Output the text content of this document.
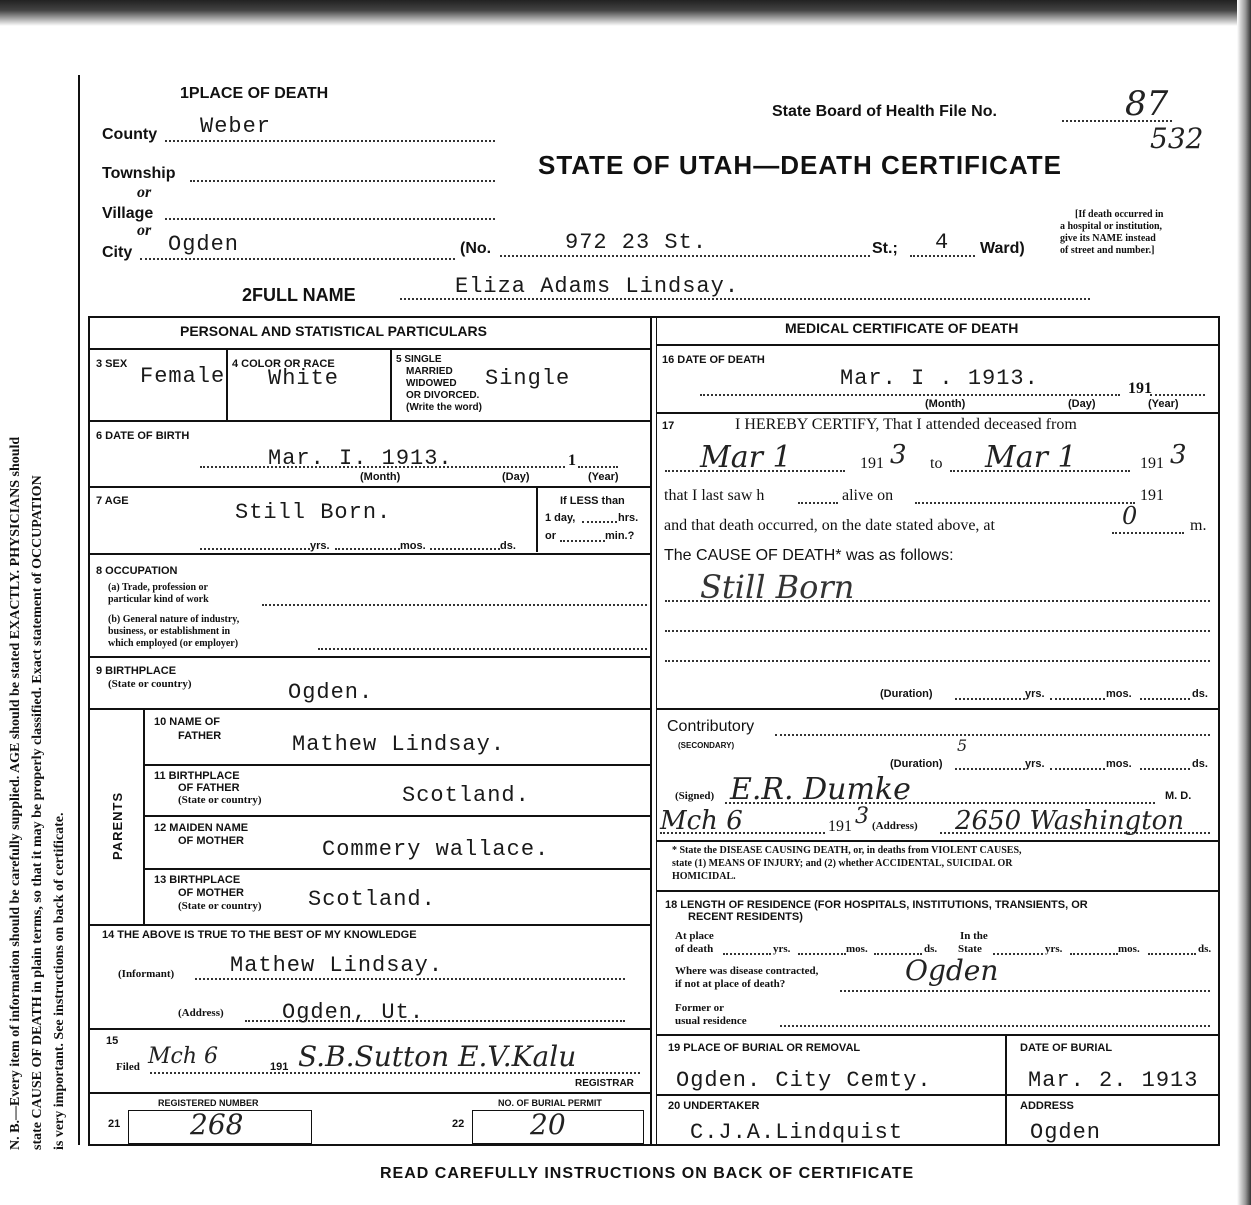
N. B.—Every item of information should be carefully supplied. AGE should be stated EXACTLY. PHYSICIANS should state CAUSE OF DEATH in plain terms, so that it may be properly classified. Exact statement of OCCUPATION is very important. See instructions on back of certificate.
1PLACE OF DEATH
County Weber
Township
or
Village
or
City Ogden	(No.	972 23 St.	St.; 4 Ward)
State Board of Health File No.	87
532
STATE OF UTAH—DEATH CERTIFICATE
[If death occurred in
a hospital or institution,
give its NAME instead
of street and number.]
2FULL NAME	Eliza Adams Lindsay.
PERSONAL AND STATISTICAL PARTICULARS
3 SEX Female 4 COLOR OR RACE
White
5 SINGLE
MARRIED
WIDOWED
OR DIVORCED.
(Write the word)
Single
6 DATE OF BIRTH
Mar. I. 1913.	1
(Month)	(Day)	(Year)
7 AGE	Still Born.
yrs.	mos.	ds.
If LESS than
1 day,	hrs.
or	min.?
8 OCCUPATION
(a) Trade, profession or
particular kind of work
(b) General nature of industry,
business, or establishment in
which employed (or employer)
9 BIRTHPLACE
(State or country)	Ogden.
PARENTS
10 NAME OF
FATHER	Mathew Lindsay.
11 BIRTHPLACE
OF FATHER
(State or country)	Scotland.
12 MAIDEN NAME
OF MOTHER	Commery wallace.
13 BIRTHPLACE
OF MOTHER
(State or country) Scotland.
14 THE ABOVE IS TRUE TO THE BEST OF MY KNOWLEDGE
(Informant)	Mathew Lindsay.
(Address)	Ogden, Ut.
15
Filed Mch 6	191 S.B.Sutton E.V.Kalu
REGISTRAR
REGISTERED NUMBER
21 268
NO. OF BURIAL PERMIT
22 20
MEDICAL CERTIFICATE OF DEATH
16 DATE OF DEATH
Mar. I . 1913.	191
(Month)	(Day)	(Year)
17	I HEREBY CERTIFY, That I attended deceased from
Mar 1	191 3 to Mar 1	191 3
that I last saw h	alive on	191
and that death occurred, on the date stated above, at	0	m.
The CAUSE OF DEATH* was as follows:
Still Born
(Duration)	yrs.	mos.	ds.
Contributory
(SECONDARY)
(Duration)
5
yrs.	mos.	ds.
(Signed) E.R. Dumke	M. D.
Mch 6	191 3 (Address) 2650 Washington
* State the DISEASE CAUSING DEATH, or, in deaths from VIOLENT CAUSES,
state (1) MEANS OF INJURY; and (2) whether ACCIDENTAL, SUICIDAL OR
HOMICIDAL.
18 LENGTH OF RESIDENCE (FOR HOSPITALS, INSTITUTIONS, TRANSIENTS, OR
RECENT RESIDENTS)
At place
of death	yrs.	mos.	ds.
In the
State	yrs.	mos.	ds.
Where was disease contracted,
if not at place of death?	Ogden
Former or
usual residence
19 PLACE OF BURIAL OR REMOVAL
Ogden. City Cemty.
DATE OF BURIAL
Mar. 2. 1913
20 UNDERTAKER
C.J.A.Lindquist
ADDRESS
Ogden
READ CAREFULLY INSTRUCTIONS ON BACK OF CERTIFICATE
